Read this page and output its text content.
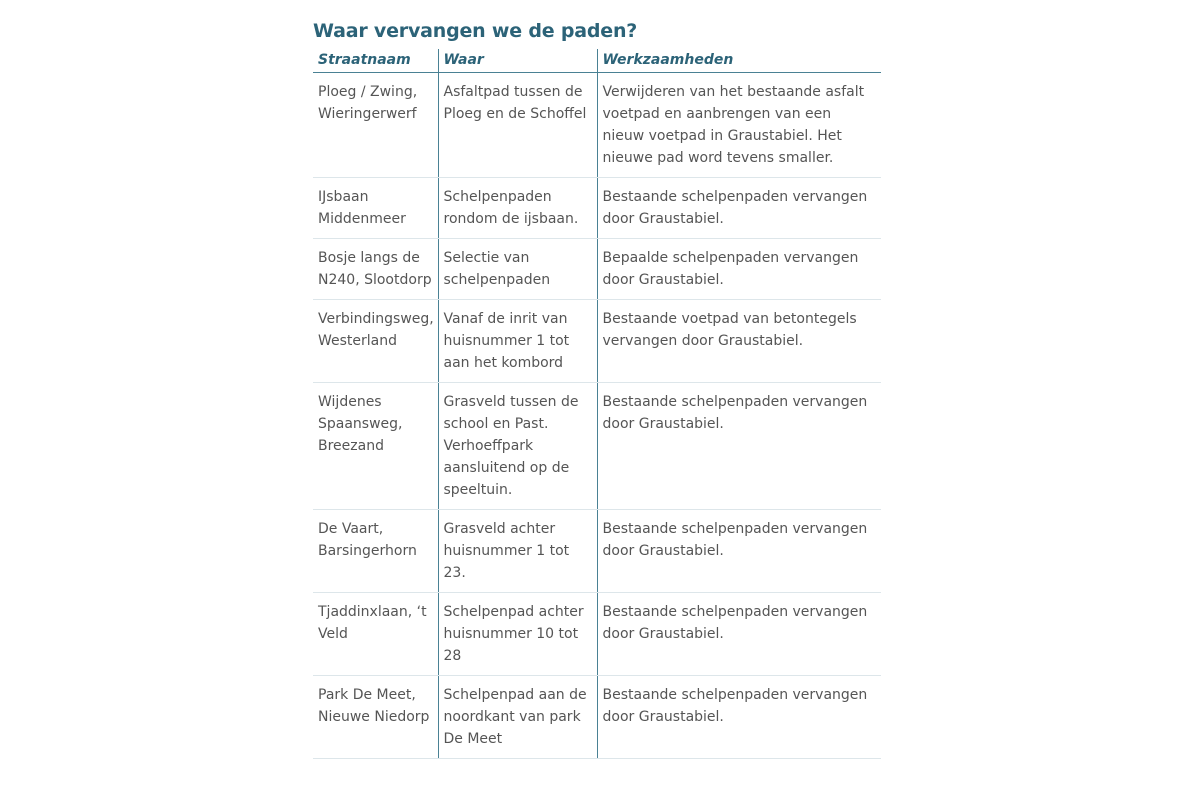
Waar vervangen we de paden?
Straatnaam	Waar	Werkzaamheden
Ploeg / Zwing, Wieringerwerf	Asfaltpad tussen de Ploeg en de Schoffel	Verwijderen van het bestaande asfalt voetpad en aanbrengen van een nieuw voetpad in Graustabiel. Het nieuwe pad word tevens smaller.
IJsbaan Middenmeer	Schelpenpaden rondom de ijsbaan.	Bestaande schelpenpaden vervangen door Graustabiel.
Bosje langs de N240, Slootdorp	Selectie van schelpenpaden	Bepaalde schelpenpaden vervangen door Graustabiel.
Verbindingsweg, Westerland	Vanaf de inrit van huisnummer 1 tot aan het kombord	Bestaande voetpad van betontegels vervangen door Graustabiel.
Wijdenes Spaansweg, Breezand	Grasveld tussen de school en Past. Verhoeffpark aansluitend op de speeltuin.	Bestaande schelpenpaden vervangen door Graustabiel.
De Vaart, Barsingerhorn	Grasveld achter huisnummer 1 tot 23.	Bestaande schelpenpaden vervangen door Graustabiel.
Tjaddinxlaan, ‘t Veld	Schelpenpad achter huisnummer 10 tot 28	Bestaande schelpenpaden vervangen door Graustabiel.
Park De Meet, Nieuwe Niedorp	Schelpenpad aan de noordkant van park De Meet	Bestaande schelpenpaden vervangen door Graustabiel.
